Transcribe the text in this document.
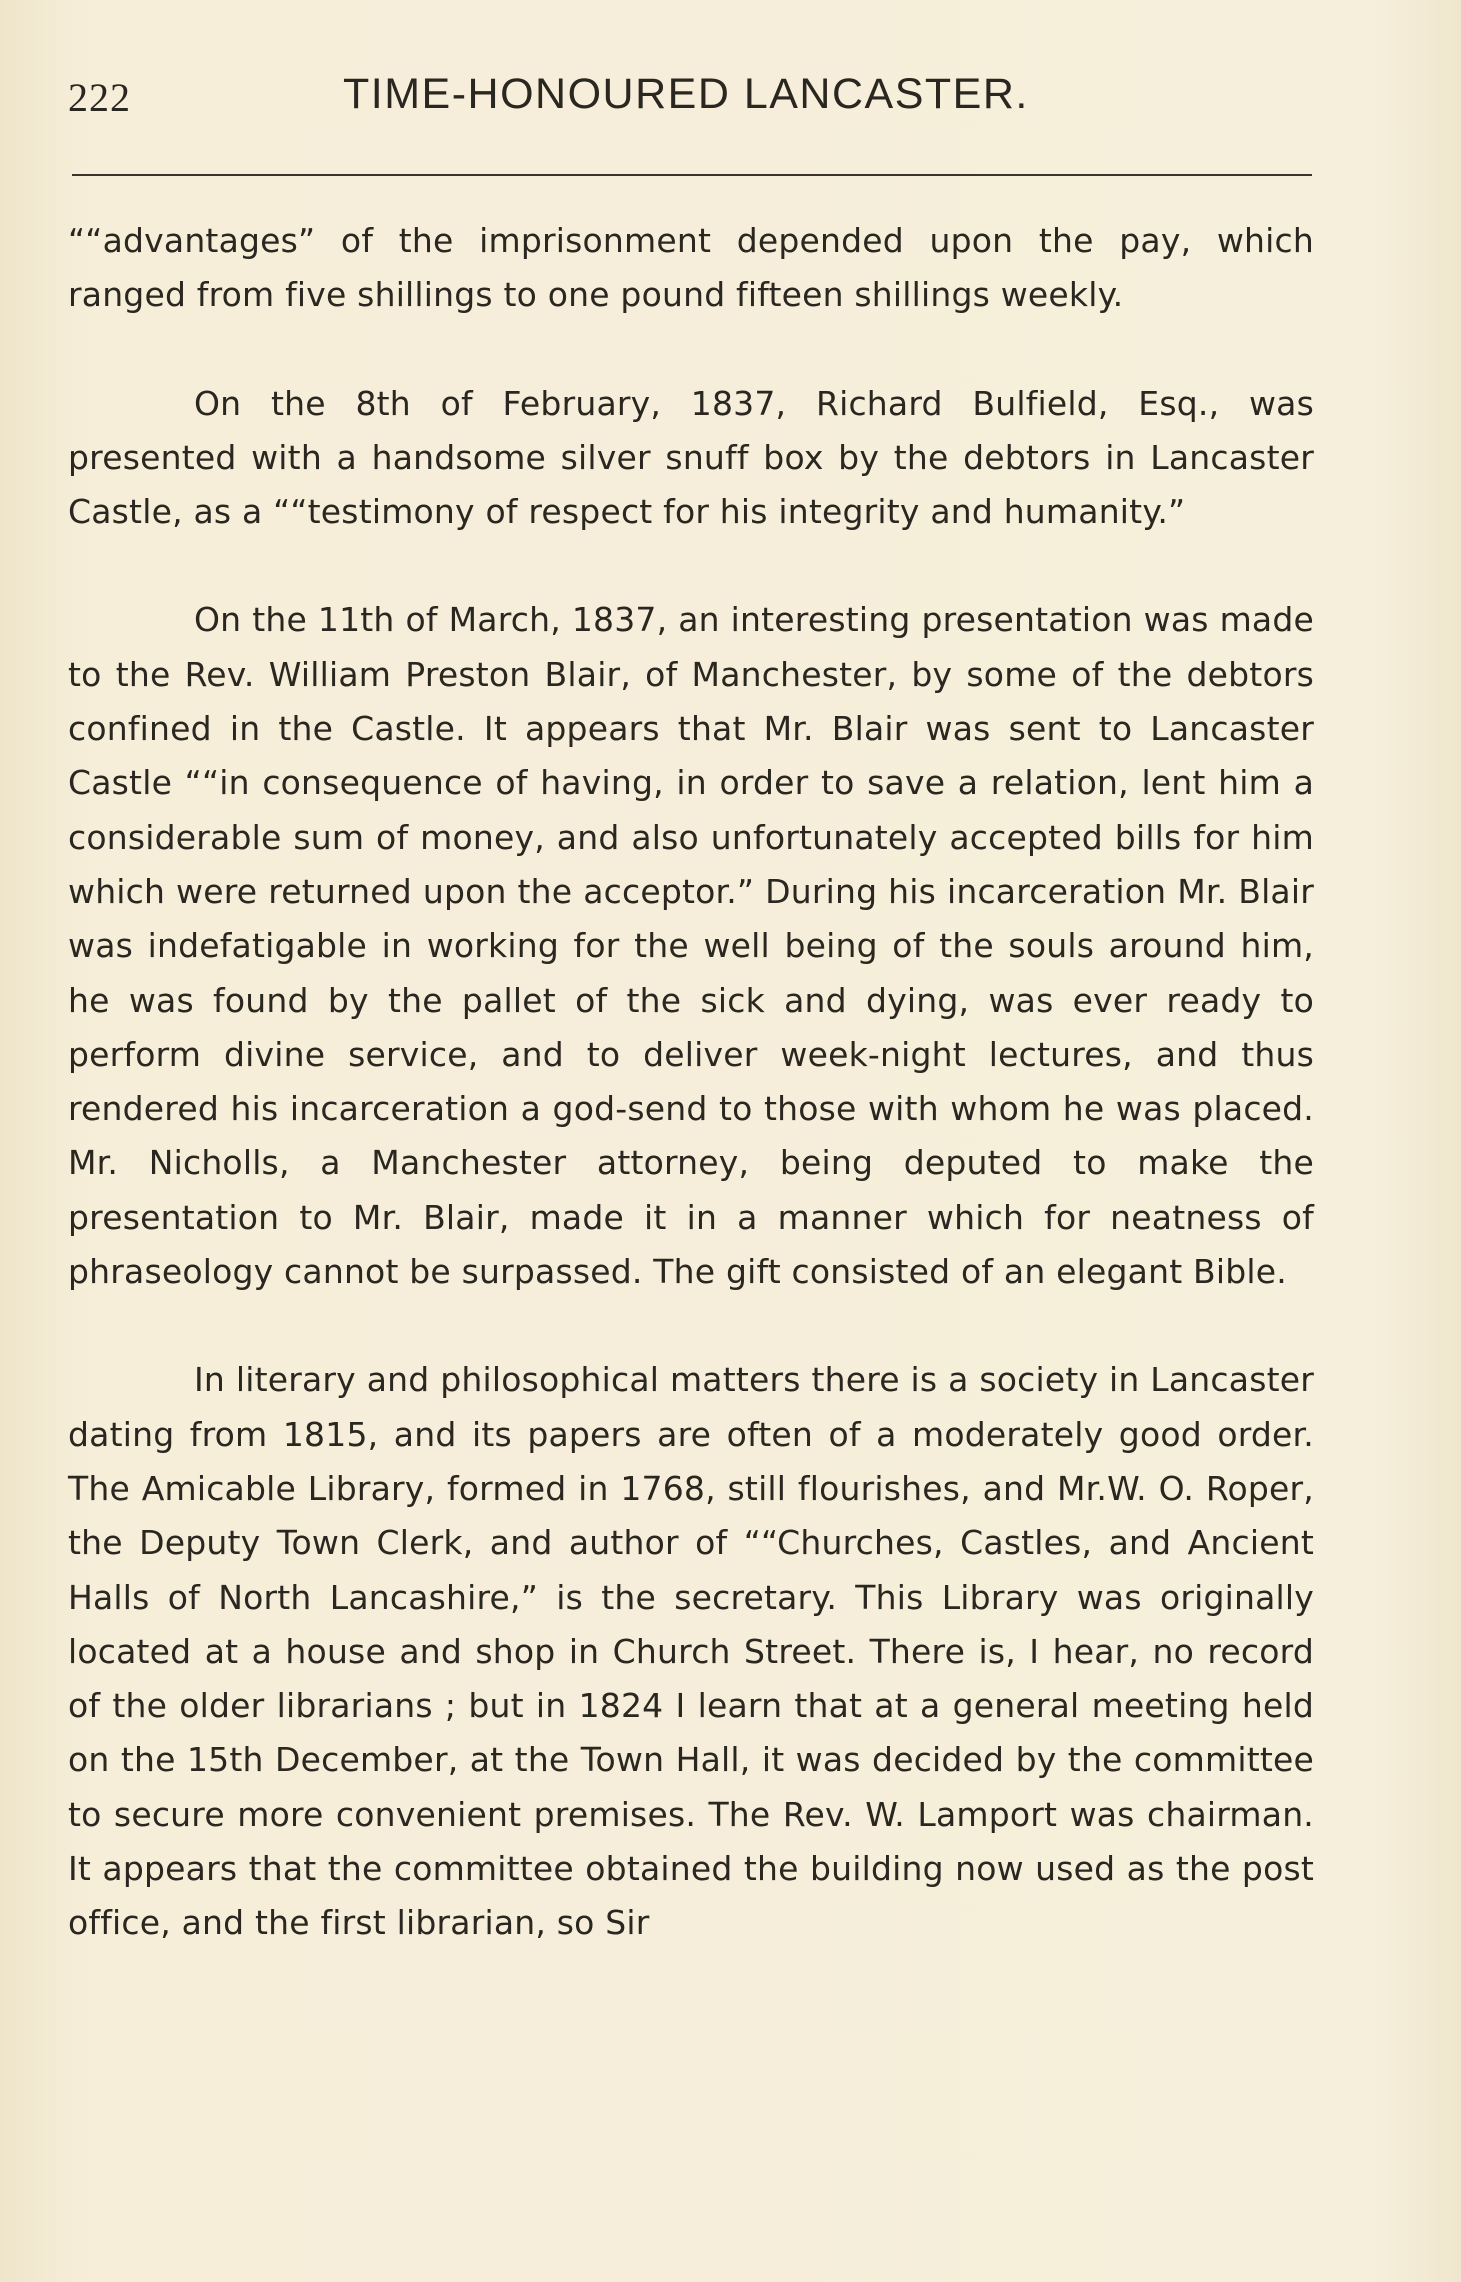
222	TIME-HONOURED LANCASTER.

““advantages” of the imprisonment depended upon the pay, which ranged from five shillings to one pound fifteen shillings weekly.

On the 8th of February, 1837, Richard Bulfield, Esq., was presented with a handsome silver snuff box by the debtors in Lancaster Castle, as a ““testimony of respect for his integrity and humanity.”

On the 11th of March, 1837, an interesting presentation was made to the Rev. William Preston Blair, of Manchester, by some of the debtors confined in the Castle. It appears that Mr. Blair was sent to Lancaster Castle ““in consequence of having, in order to save a relation, lent him a considerable sum of money, and also unfortunately accepted bills for him which were returned upon the acceptor.” During his incarceration Mr. Blair was indefatigable in working for the well being of the souls around him, he was found by the pallet of the sick and dying, was ever ready to perform divine service, and to deliver week-night lectures, and thus rendered his incarceration a god-send to those with whom he was placed. Mr. Nicholls, a Manchester attorney, being deputed to make the presentation to Mr. Blair, made it in a manner which for neatness of phraseology cannot be surpassed. The gift consisted of an elegant Bible.

In literary and philosophical matters there is a society in Lancaster dating from 1815, and its papers are often of a moderately good order. The Amicable Library, formed in 1768, still flourishes, and Mr.W. O. Roper, the Deputy Town Clerk, and author of ““Churches, Castles, and Ancient Halls of North Lancashire,” is the secretary. This Library was originally located at a house and shop in Church Street. There is, I hear, no record of the older librarians ; but in 1824 I learn that at a general meeting held on the 15th December, at the Town Hall, it was decided by the committee to secure more convenient premises. The Rev. W. Lamport was chairman. It appears that the committee obtained the building now used as the post office, and the first librarian, so Sir
